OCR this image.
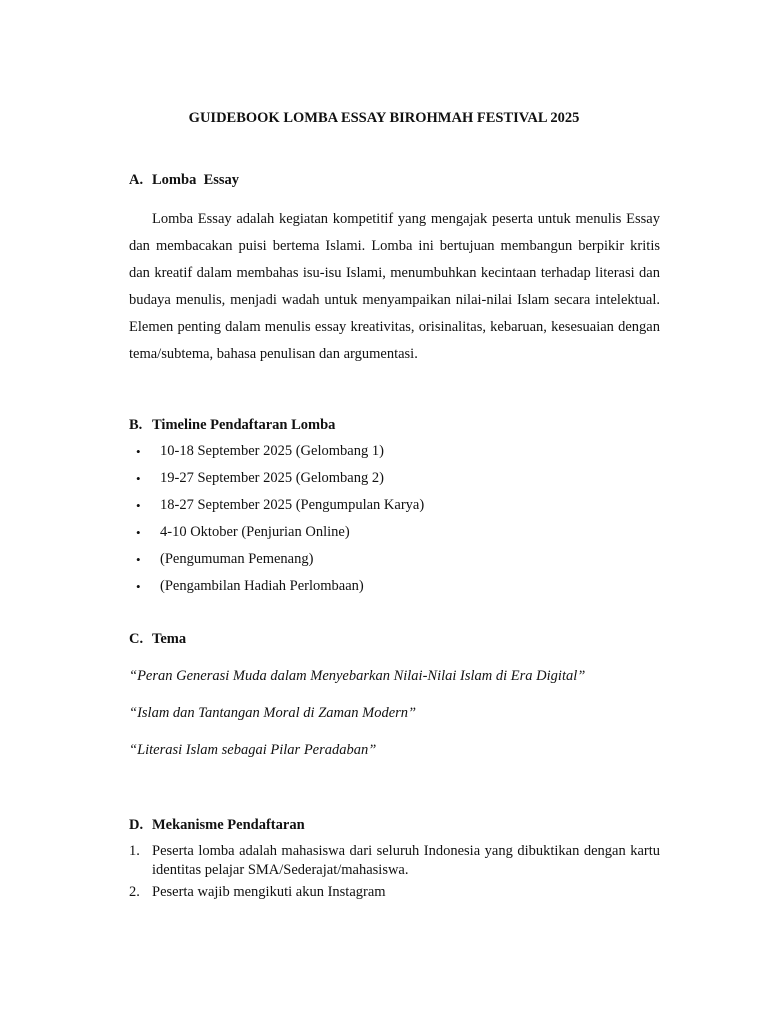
GUIDEBOOK LOMBA ESSAY BIROHMAH FESTIVAL 2025
A. Lomba  Essay

Lomba Essay adalah kegiatan kompetitif yang mengajak peserta untuk menulis Essay dan membacakan puisi bertema Islami. Lomba ini bertujuan membangun berpikir kritis dan kreatif dalam membahas isu-isu Islami, menumbuhkan kecintaan terhadap literasi dan budaya menulis, menjadi wadah untuk menyampaikan nilai-nilai Islam secara intelektual. Elemen penting dalam menulis essay kreativitas, orisinalitas, kebaruan, kesesuaian dengan tema/subtema, bahasa penulisan dan argumentasi.

B. Timeline Pendaftaran Lomba
• 10-18 September 2025 (Gelombang 1)
• 19-27 September 2025 (Gelombang 2)
• 18-27 September 2025 (Pengumpulan Karya)
• 4-10 Oktober (Penjurian Online)
• (Pengumuman Pemenang)
• (Pengambilan Hadiah Perlombaan)
C. Tema
“Peran Generasi Muda dalam Menyebarkan Nilai-Nilai Islam di Era Digital”
“Islam dan Tantangan Moral di Zaman Modern”
“Literasi Islam sebagai Pilar Peradaban”
D. Mekanisme Pendaftaran
1. Peserta lomba adalah mahasiswa dari seluruh Indonesia yang dibuktikan dengan kartu identitas pelajar SMA/Sederajat/mahasiswa.
2. Peserta wajib mengikuti akun Instagram
